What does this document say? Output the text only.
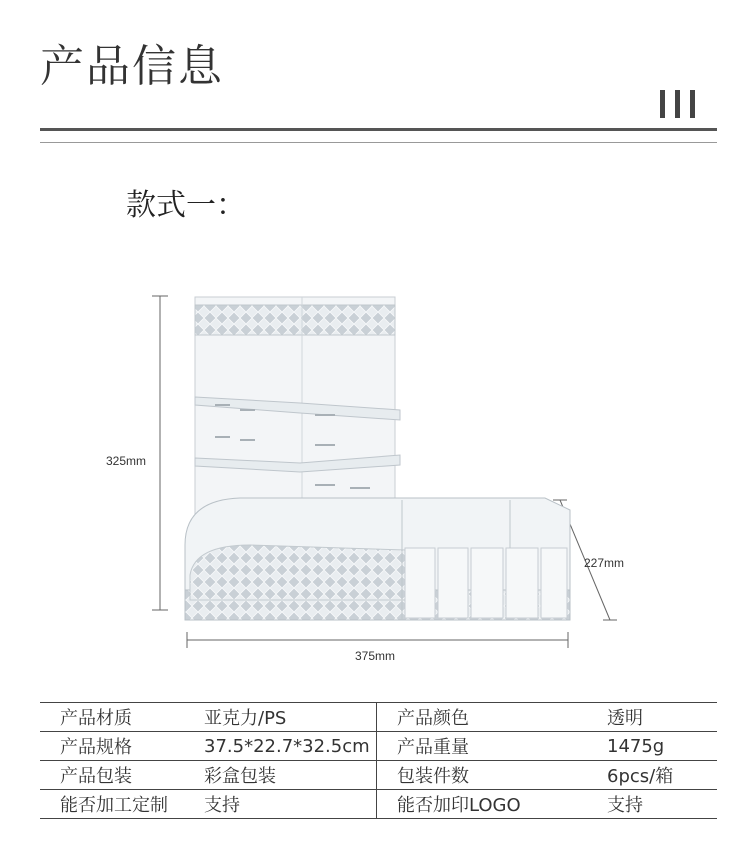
产品信息
款式一：
325mm
227mm
375mm
产品材质	亚克力/PS	产品颜色	透明
产品规格	37.5*22.7*32.5cm	产品重量	1475g
产品包装	彩盒包装	包装件数	6pcs/箱
能否加工定制	支持	能否加印LOGO	支持
